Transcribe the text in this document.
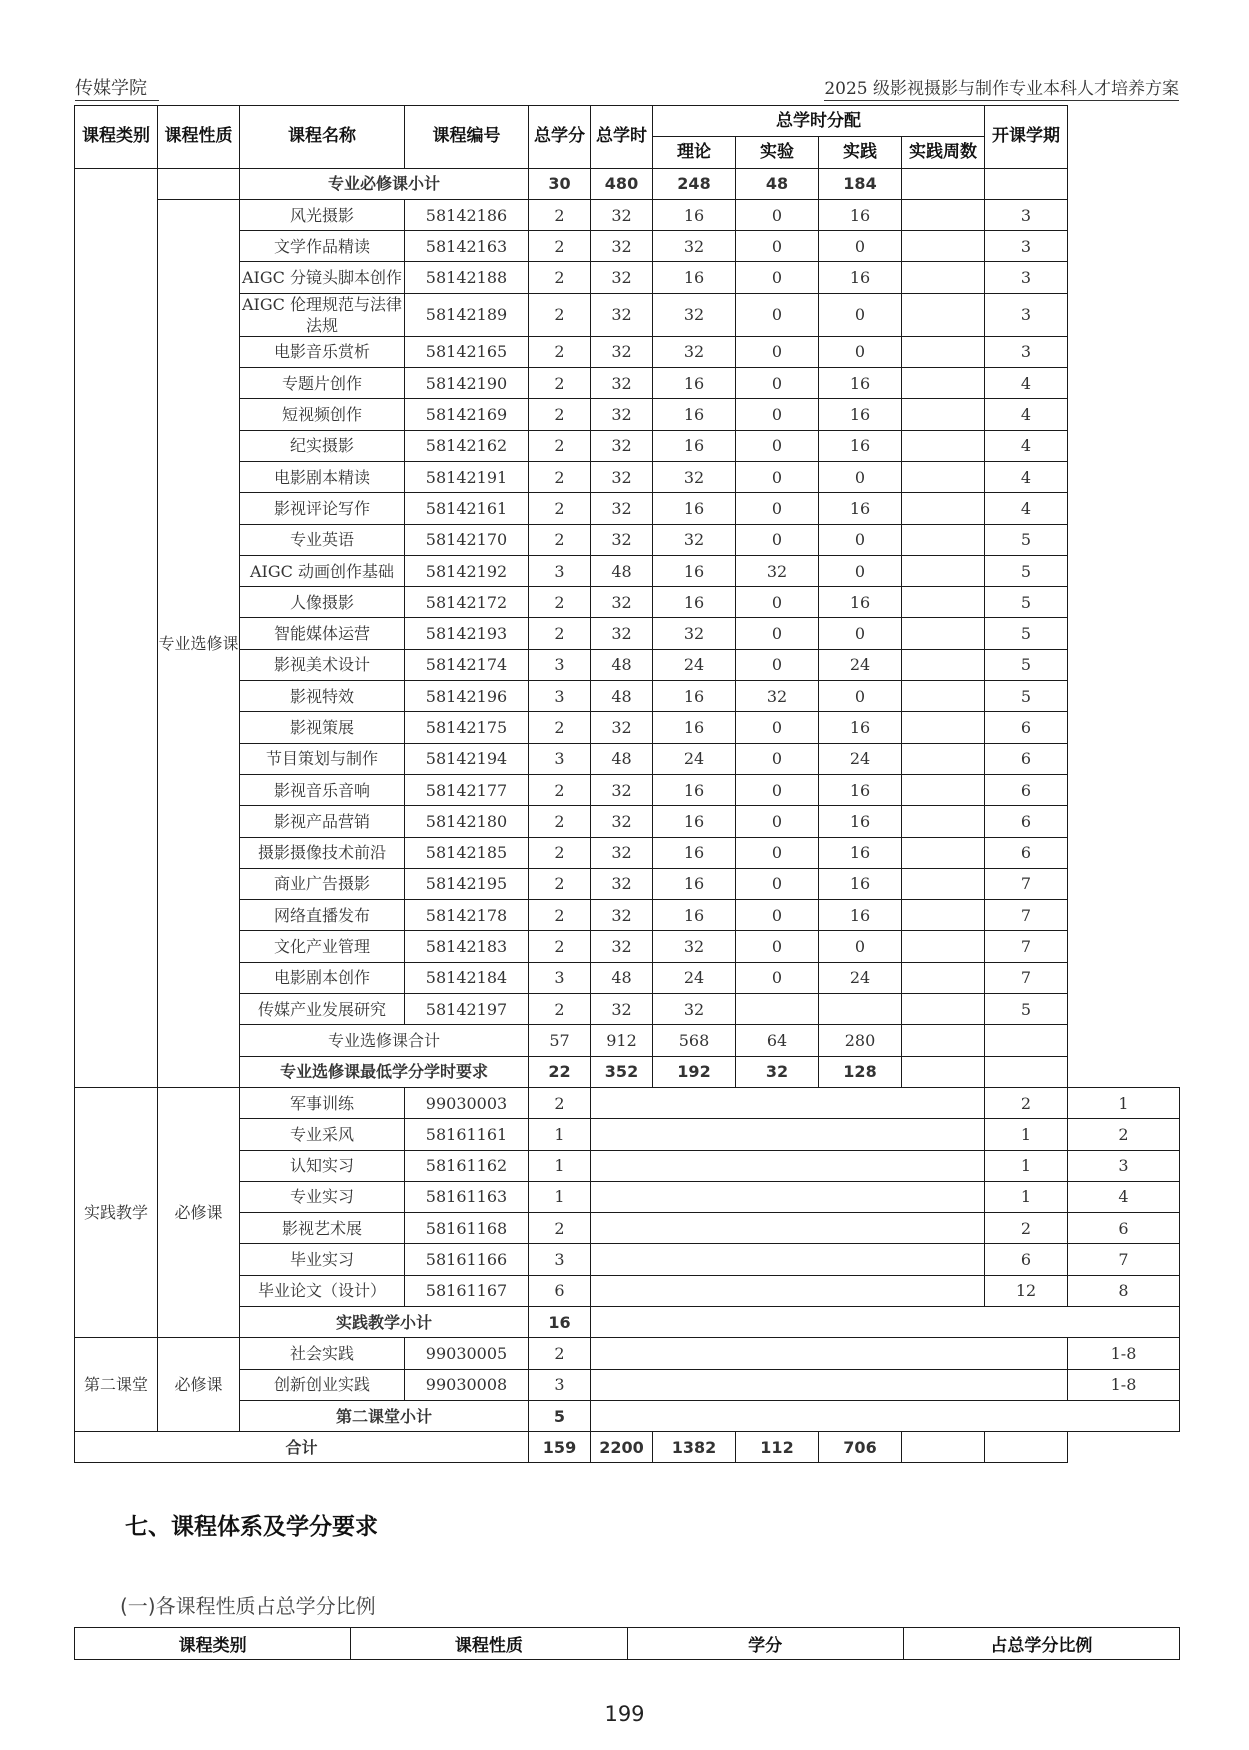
传媒学院	2025 级影视摄影与制作专业本科人才培养方案
课程类别	课程性质	课程名称	课程编号	总学分	总学时	总学时分配				开课学期	
						理论	实验	实践	实践周数		
		专业必修课小计		30	480	248	48	184			
	专业选修课	风光摄影	58142186	2	32	16	0	16		3	
		文学作品精读	58142163	2	32	32	0	0		3	
		AIGC 分镜头脚本创作	58142188	2	32	16	0	16		3	
		AIGC 伦理规范与法律法规	58142189	2	32	32	0	0		3	
		电影音乐赏析	58142165	2	32	32	0	0		3	
		专题片创作	58142190	2	32	16	0	16		4	
		短视频创作	58142169	2	32	16	0	16		4	
		纪实摄影	58142162	2	32	16	0	16		4	
		电影剧本精读	58142191	2	32	32	0	0		4	
		影视评论写作	58142161	2	32	16	0	16		4	
		专业英语	58142170	2	32	32	0	0		5	
		AIGC 动画创作基础	58142192	3	48	16	32	0		5	
		人像摄影	58142172	2	32	16	0	16		5	
		智能媒体运营	58142193	2	32	32	0	0		5	
		影视美术设计	58142174	3	48	24	0	24		5	
		影视特效	58142196	3	48	16	32	0		5	
		影视策展	58142175	2	32	16	0	16		6	
		节目策划与制作	58142194	3	48	24	0	24		6	
		影视音乐音响	58142177	2	32	16	0	16		6	
		影视产品营销	58142180	2	32	16	0	16		6	
		摄影摄像技术前沿	58142185	2	32	16	0	16		6	
		商业广告摄影	58142195	2	32	16	0	16		7	
		网络直播发布	58142178	2	32	16	0	16		7	
		文化产业管理	58142183	2	32	32	0	0		7	
		电影剧本创作	58142184	3	48	24	0	24		7	
		传媒产业发展研究	58142197	2	32	32				5	
		专业选修课合计		57	912	568	64	280			
		专业选修课最低学分学时要求		22	352	192	32	128			
实践教学	必修课	军事训练	99030003	2						2	1
		专业采风	58161161	1						1	2
		认知实习	58161162	1						1	3
		专业实习	58161163	1						1	4
		影视艺术展	58161168	2						2	6
		毕业实习	58161166	3						6	7
		毕业论文（设计）	58161167	6						12	8
		实践教学小计		16							
第二课堂	必修课	社会实践	99030005	2							1-8
		创新创业实践	99030008	3							1-8
		第二课堂小计		5							
合计				159	2200	1382	112	706			
七、课程体系及学分要求
(一)各课程性质占总学分比例
课程类别	课程性质	学分	占总学分比例
199
